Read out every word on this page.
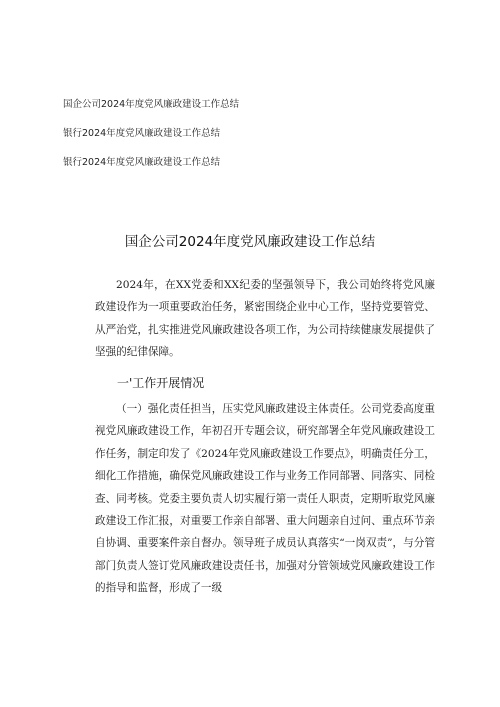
国企公司2024年度党风廉政建设工作总结
银行2024年度党风廉政建设工作总结
银行2024年度党风廉政建设工作总结
国企公司2024年度党风廉政建设工作总结

2024年，在XX党委和XX纪委的坚强领导下，我公司始终将党风廉政建设作为一项重要政治任务，紧密围绕企业中心工作，坚持党要管党、从严治党，扎实推进党风廉政建设各项工作，为公司持续健康发展提供了坚强的纪律保障。

一'工作开展情况

（一）强化责任担当，压实党风廉政建设主体责任。公司党委高度重视党风廉政建设工作，年初召开专题会议，研究部署全年党风廉政建设工作任务，制定印发了《2024年党风廉政建设工作要点》，明确责任分工，细化工作措施，确保党风廉政建设工作与业务工作同部署、同落实、同检查、同考核。党委主要负责人切实履行第一责任人职责，定期听取党风廉政建设工作汇报，对重要工作亲自部署、重大问题亲自过问、重点环节亲自协调、重要案件亲自督办。领导班子成员认真落实“一岗双责”，与分管部门负责人签订党风廉政建设责任书，加强对分管领域党风廉政建设工作的指导和监督，形成了一级
